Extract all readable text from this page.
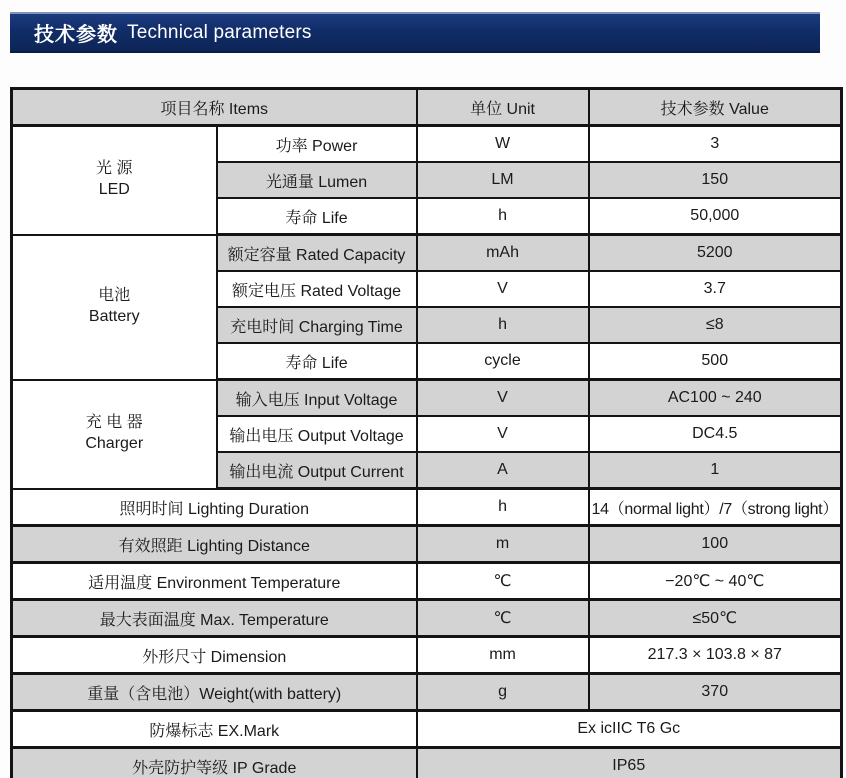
技术参数 Technical parameters
项目名称 Items		单位 Unit	技术参数 Value

光 源
LED	功率 Power	W	3
	光通量 Lumen	LM	150
	寿命 Life	h	50,000

电池
Battery	额定容量 Rated Capacity	mAh	5200
	额定电压 Rated Voltage	V	3.7
	充电时间 Charging Time	h	≤8
	寿命 Life	cycle	500

充 电 器
Charger	输入电压 Input Voltage	V	AC100 ~ 240
	输出电压 Output Voltage	V	DC4.5
	输出电流 Output Current	A	1
照明时间 Lighting Duration		h	14（normal light）/7（strong light）
有效照距 Lighting Distance		m	100
适用温度 Environment Temperature		℃	−20℃ ~ 40℃
最大表面温度 Max. Temperature		℃	≤50℃
外形尺寸 Dimension		mm	217.3 × 103.8 × 87
重量（含电池）Weight(with battery)		g	370
防爆标志 EX.Mark		Ex icIIC T6 Gc	
外壳防护等级 IP Grade		IP65	
